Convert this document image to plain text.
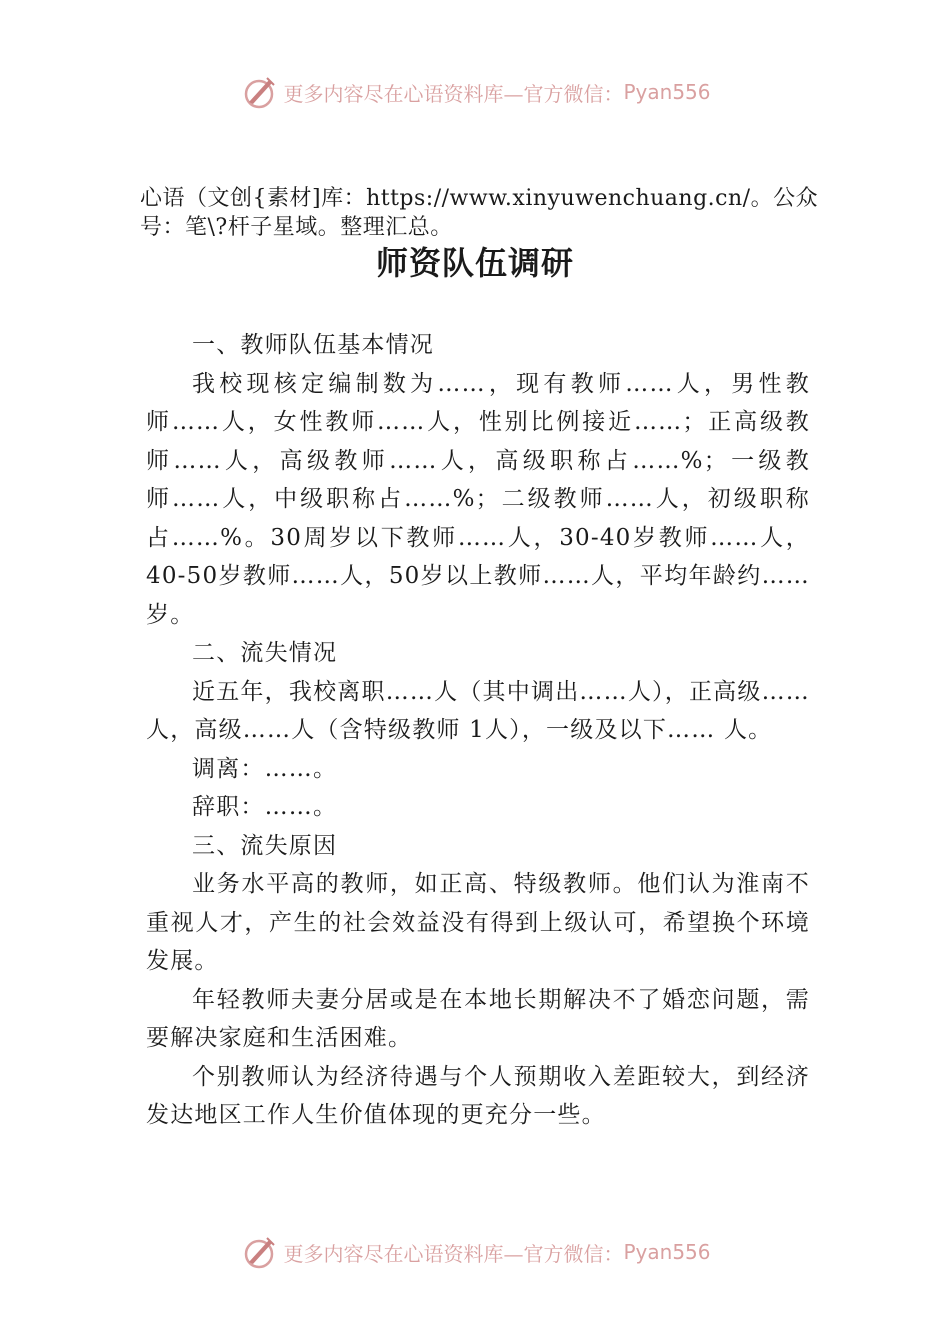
更多内容尽在心语资料库—官方微信： Pyan556
心语（文创{素材]库：https://www.xinyuwenchuang.cn/。公众号：笔\?杆子星域。整理汇总。
师资队伍调研

一、教师队伍基本情况

我校现核定编制数为……，现有教师……人，男性教师……人，女性教师……人，性别比例接近……；正高级教师……人，高级教师……人，高级职称占……%；一级教师……人，中级职称占……%；二级教师……人，初级职称占……%。30周岁以下教师……人，30-40岁教师……人，40-50岁教师……人，50岁以上教师……人，平均年龄约……岁。

二、流失情况

近五年，我校离职……人（其中调出……人），正高级……人，高级……人（含特级教师 1人），一级及以下…… 人。

调离：……。

辞职：……。

三、流失原因

业务水平高的教师，如正高、特级教师。他们认为淮南不重视人才，产生的社会效益没有得到上级认可，希望换个环境发展。

年轻教师夫妻分居或是在本地长期解决不了婚恋问题，需要解决家庭和生活困难。

个别教师认为经济待遇与个人预期收入差距较大，到经济发达地区工作人生价值体现的更充分一些。

更多内容尽在心语资料库—官方微信： Pyan556
